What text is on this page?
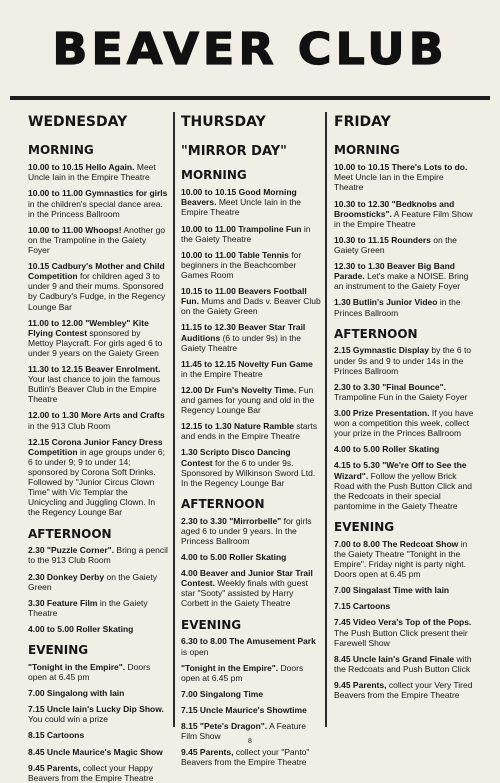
BEAVER CLUB
WEDNESDAY
MORNING
10.00 to 10.15 Hello Again. Meet Uncle Iain in the Empire Theatre
10.00 to 11.00 Gymnastics for girls in the children's special dance area. in the Princess Ballroom
10.00 to 11.00 Whoops! Another go on the Trampoline in the Gaiety Foyer
10.15 Cadbury's Mother and Child Competition for children aged 3 to under 9 and their mums. Sponsored by Cadbury's Fudge, in the Regency Lounge Bar
11.00 to 12.00 "Wembley" Kite Flying Contest sponsored by Mettoy Playcraft. For girls aged 6 to under 9 years on the Gaiety Green
11.30 to 12.15 Beaver Enrolment. Your last chance to join the famous Butlin's Beaver Club in the Empire Theatre
12.00 to 1.30 More Arts and Crafts in the 913 Club Room
12.15 Corona Junior Fancy Dress Competition in age groups under 6; 6 to under 9; 9 to under 14; sponsored by Corona Soft Drinks. Followed by "Junior Circus Clown Time" with Vic Templar the Unicycling and Juggling Clown. In the Regency Lounge Bar
AFTERNOON
2.30 "Puzzle Corner". Bring a pencil to the 913 Club Room
2.30 Donkey Derby on the Gaiety Green
3.30 Feature Film in the Gaiety Theatre
4.00 to 5.00 Roller Skating
EVENING
"Tonight in the Empire". Doors open at 6.45 pm
7.00 Singalong with Iain
7.15 Uncle Iain's Lucky Dip Show. You could win a prize
8.15 Cartoons
8.45 Uncle Maurice's Magic Show
9.45 Parents, collect your Happy Beavers from the Empire Theatre
THURSDAY
"MIRROR DAY"
MORNING
10.00 to 10.15 Good Morning Beavers. Meet Uncle Iain in the Empire Theatre
10.00 to 11.00 Trampoline Fun in the Gaiety Theatre
10.00 to 11.00 Table Tennis for beginners in the Beachcomber Games Room
10.15 to 11.00 Beavers Football Fun. Mums and Dads v. Beaver Club on the Gaiety Green
11.15 to 12.30 Beaver Star Trail Auditions (6 to under 9s) in the Gaiety Theatre
11.45 to 12.15 Novelty Fun Game in the Empire Theatre
12.00 Dr Fun's Novelty Time. Fun and games for young and old in the Regency Lounge Bar
12.15 to 1.30 Nature Ramble starts and ends in the Empire Theatre
1.30 Scripto Disco Dancing Contest for the 6 to under 9s. Sponsored by Wilkinson Sword Ltd. In the Regency Lounge Bar
AFTERNOON
2.30 to 3.30 "Mirrorbelle" for girls aged 6 to under 9 years. In the Princess Ballroom
4.00 to 5.00 Roller Skating
4.00 Beaver and Junior Star Trail Contest. Weekly finals with guest star "Sooty" assisted by Harry Corbett in the Gaiety Theatre
EVENING
6.30 to 8.00 The Amusement Park is open
"Tonight in the Empire". Doors open at 6.45 pm
7.00 Singalong Time
7.15 Uncle Maurice's Showtime
8.15 "Pete's Dragon". A Feature Film Show
9.45 Parents, collect your "Panto" Beavers from the Empire Theatre
FRIDAY
MORNING
10.00 to 10.15 There's Lots to do. Meet Uncle Ian in the Empire Theatre
10.30 to 12.30 "Bedknobs and Broomsticks". A Feature Film Show in the Empire Theatre
10.30 to 11.15 Rounders on the Gaiety Green
12.30 to 1.30 Beaver Big Band Parade. Let's make a NOISE. Bring an instrument to the Gaiety Foyer
1.30 Butlin's Junior Video in the Princes Ballroom
AFTERNOON
2.15 Gymnastic Display by the 6 to under 9s and 9 to under 14s in the Princes Ballroom
2.30 to 3.30 "Final Bounce". Trampoline Fun in the Gaiety Foyer
3.00 Prize Presentation. If you have won a competition this week, collect your prize in the Princes Ballroom
4.00 to 5.00 Roller Skating
4.15 to 5.30 "We're Off to See the Wizard". Follow the yellow Brick Road with the Push Button Click and the Redcoats in their special pantomime in the Gaiety Theatre
EVENING
7.00 to 8.00 The Redcoat Show in the Gaiety Theatre "Tonight in the Empire". Friday night is party night. Doors open at 6.45 pm
7.00 Singalast Time with Iain
7.15 Cartoons
7.45 Video Vera's Top of the Pops. The Push Button Click present their Farewell Show
8.45 Uncle Iain's Grand Finale with the Redcoats and Push Button Click
9.45 Parents, collect your Very Tired Beavers from the Empire Theatre
8
